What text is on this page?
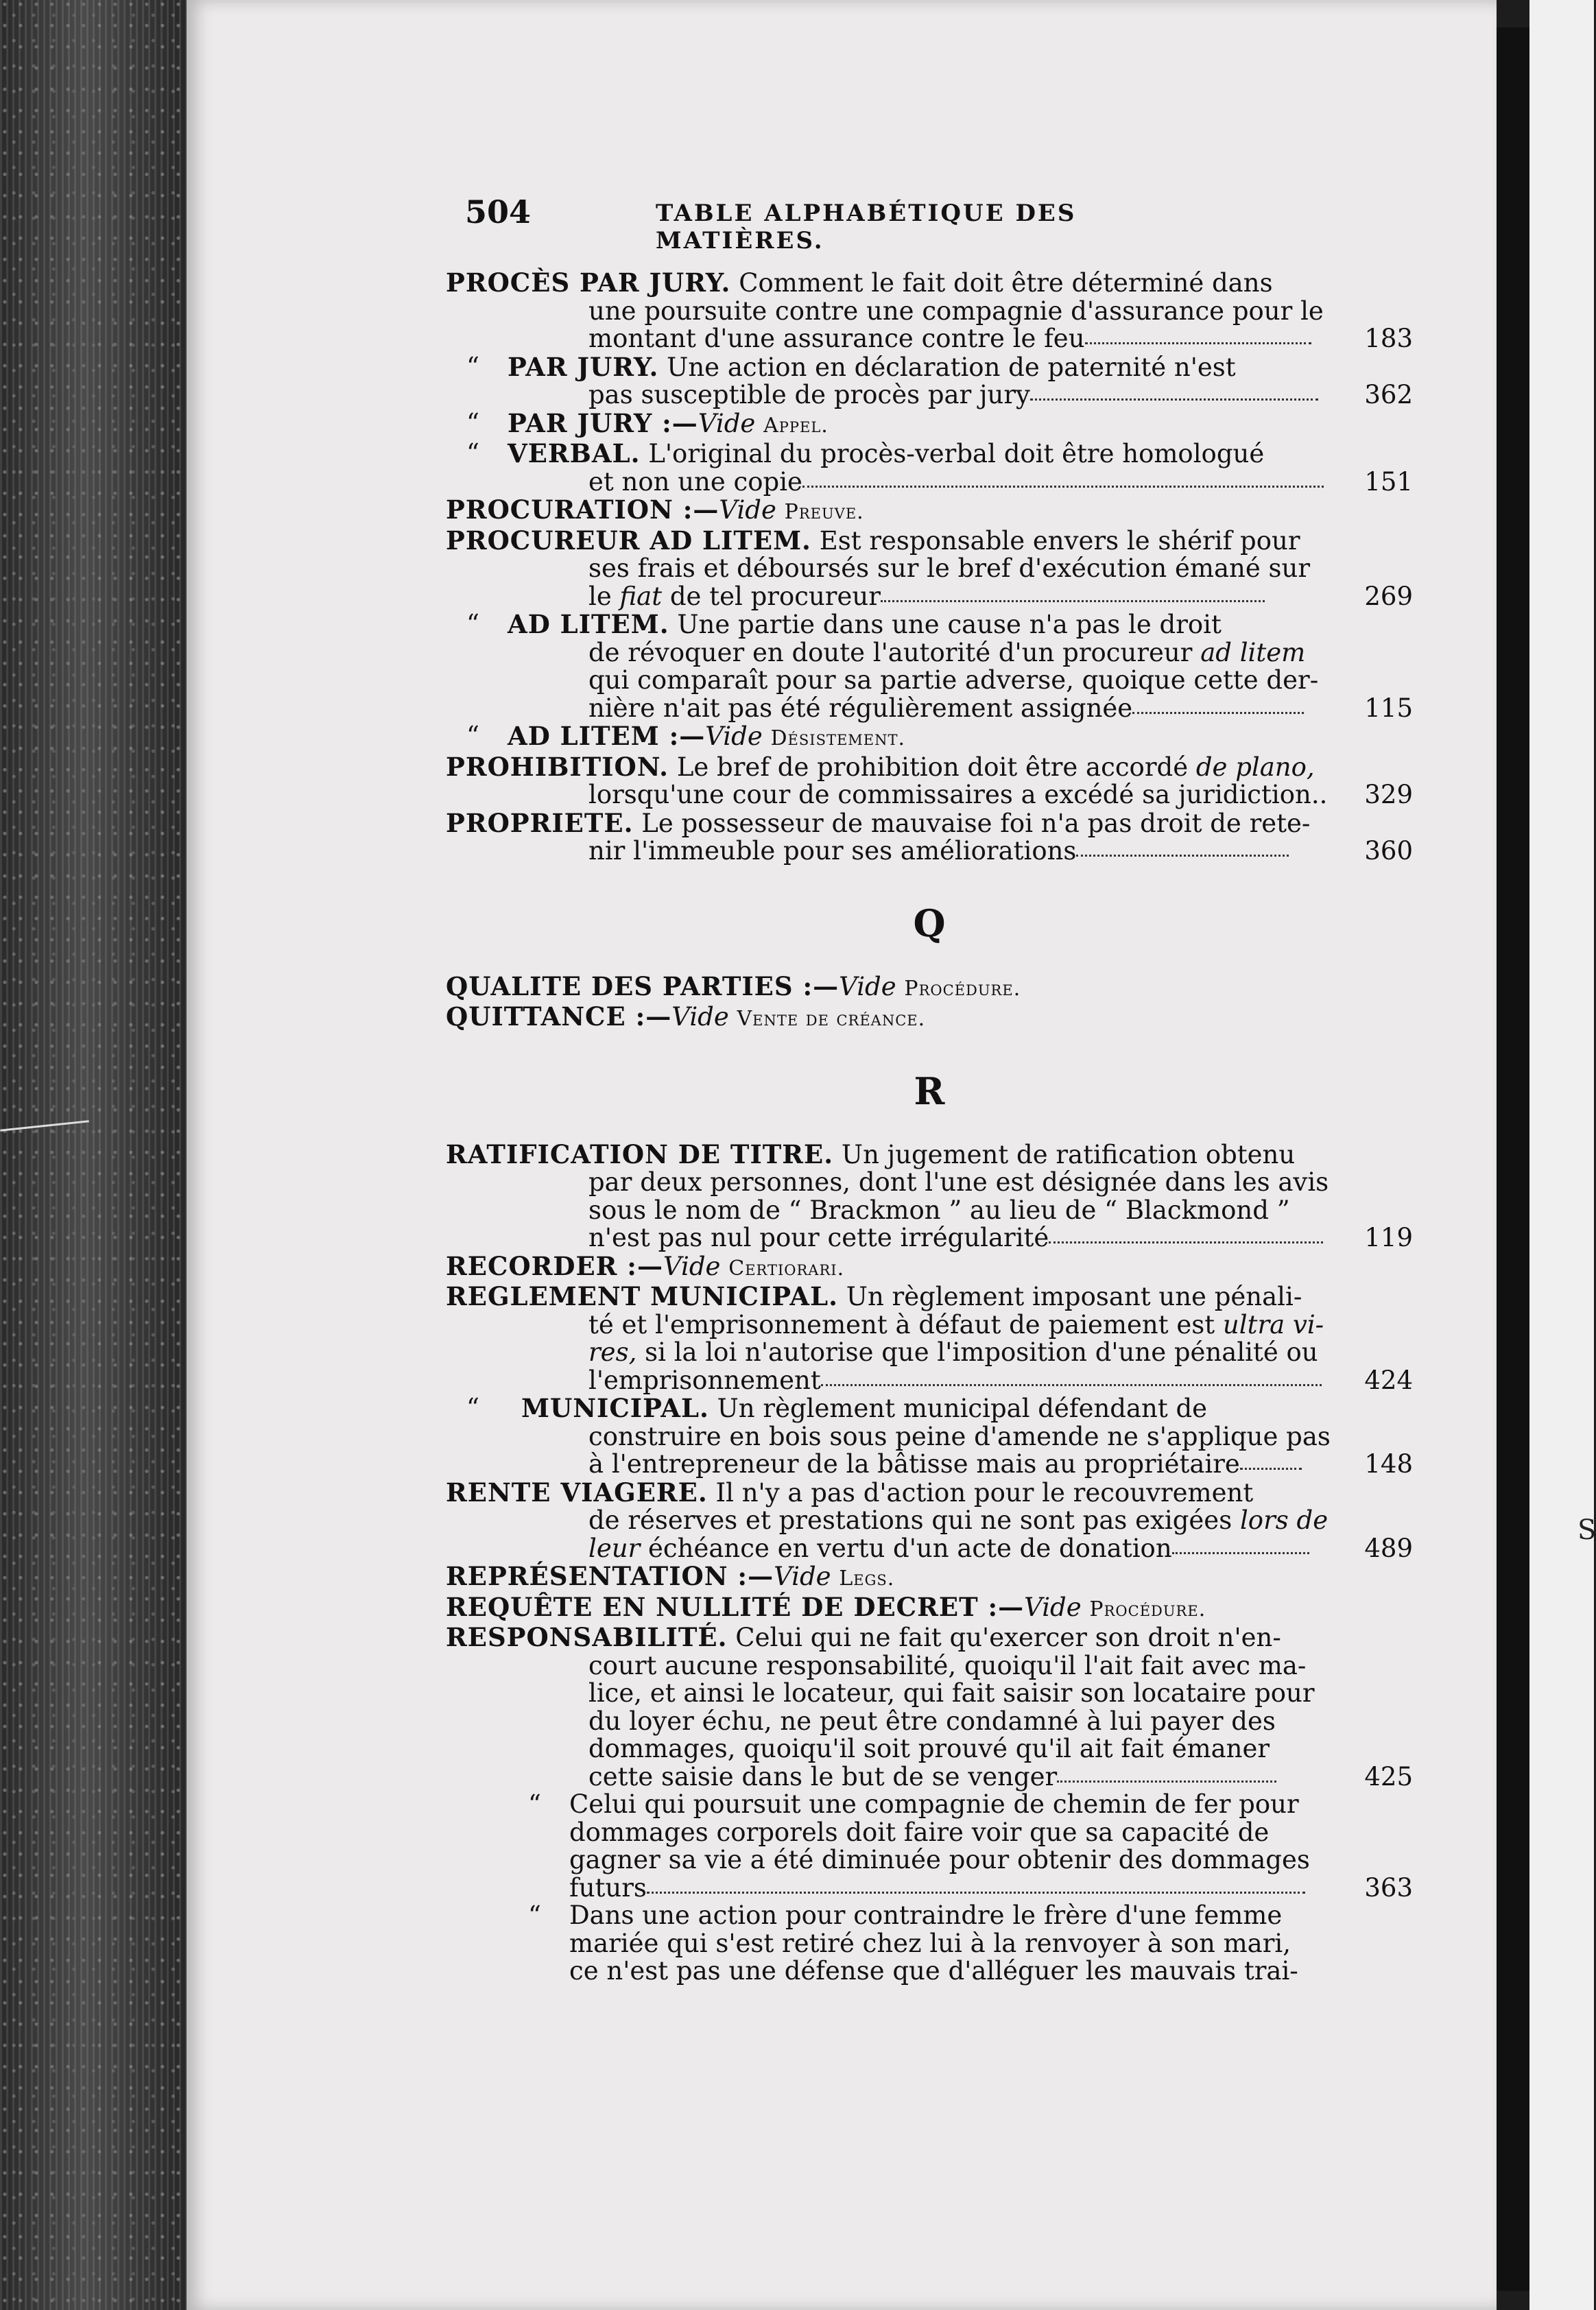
S
504	TABLE ALPHABÉTIQUE DES MATIÈRES.
PROCÈS PAR JURY. Comment le fait doit être déterminé dans
une poursuite contre une compagnie d'assurance pour le
montant d'une assurance contre le feu	183
“ PAR JURY. Une action en déclaration de paternité n'est
pas susceptible de procès par jury	362
“ PAR JURY :—Vide Appel.
“ VERBAL. L'original du procès-verbal doit être homologué
et non une copie	151
PROCURATION :—Vide Preuve.
PROCUREUR AD LITEM. Est responsable envers le shérif pour
ses frais et déboursés sur le bref d'exécution émané sur
le fiat de tel procureur	269
“ AD LITEM. Une partie dans une cause n'a pas le droit
de révoquer en doute l'autorité d'un procureur ad litem
qui comparaît pour sa partie adverse, quoique cette der-
nière n'ait pas été régulièrement assignée	115
“ AD LITEM :—Vide Désistement.
PROHIBITION. Le bref de prohibition doit être accordé de plano,
lorsqu'une cour de commissaires a excédé sa juridiction.. 329
PROPRIETE. Le possesseur de mauvaise foi n'a pas droit de rete-
nir l'immeuble pour ses améliorations	360
Q
QUALITE DES PARTIES :—Vide Procédure.
QUITTANCE :—Vide Vente de créance.
R
RATIFICATION DE TITRE. Un jugement de ratification obtenu
par deux personnes, dont l'une est désignée dans les avis
sous le nom de “ Brackmon ” au lieu de “ Blackmond ”
n'est pas nul pour cette irrégularité	119
RECORDER :—Vide Certiorari.
REGLEMENT MUNICIPAL. Un règlement imposant une pénali-
té et l'emprisonnement à défaut de paiement est ultra vi-
res, si la loi n'autorise que l'imposition d'une pénalité ou
l'emprisonnement	424
“ MUNICIPAL. Un règlement municipal défendant de
construire en bois sous peine d'amende ne s'applique pas
à l'entrepreneur de la bâtisse mais au propriétaire	148
RENTE VIAGERE. Il n'y a pas d'action pour le recouvrement
de réserves et prestations qui ne sont pas exigées lors de
leur échéance en vertu d'un acte de donation	489
REPRÉSENTATION :—Vide Legs.
REQUÊTE EN NULLITÉ DE DECRET :—Vide Procédure.
RESPONSABILITÉ. Celui qui ne fait qu'exercer son droit n'en-
court aucune responsabilité, quoiqu'il l'ait fait avec ma-
lice, et ainsi le locateur, qui fait saisir son locataire pour
du loyer échu, ne peut être condamné à lui payer des
dommages, quoiqu'il soit prouvé qu'il ait fait émaner
cette saisie dans le but de se venger	425
“ Celui qui poursuit une compagnie de chemin de fer pour
dommages corporels doit faire voir que sa capacité de
gagner sa vie a été diminuée pour obtenir des dommages
futurs	363
“ Dans une action pour contraindre le frère d'une femme
mariée qui s'est retiré chez lui à la renvoyer à son mari,
ce n'est pas une défense que d'alléguer les mauvais trai-
